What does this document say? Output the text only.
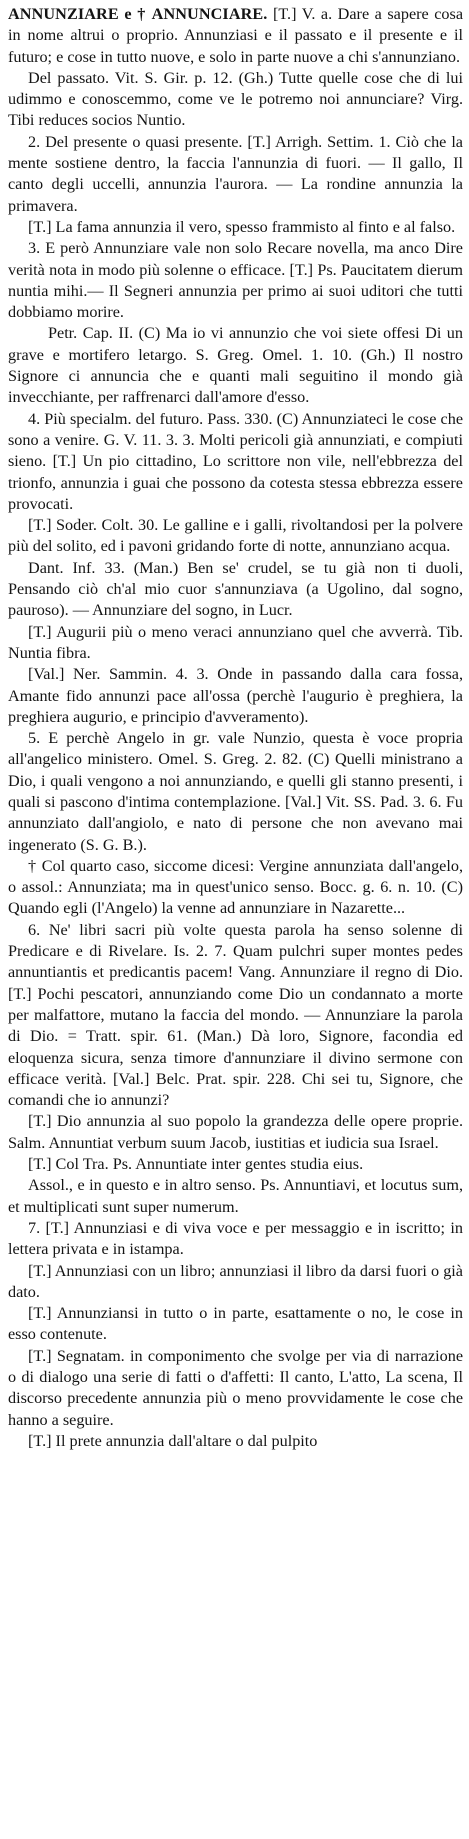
ANNUNZIARE e † ANNUNCIARE. [T.] V. a. Dare a sapere cosa in nome altrui o proprio. Annunziasi e il passato e il presente e il futuro; e cose in tutto nuove, e solo in parte nuove a chi s'annunziano.

Del passato. Vit. S. Gir. p. 12. (Gh.) Tutte quelle cose che di lui udimmo e conoscemmo, come ve le potremo noi annunciare? Virg. Tibi reduces socios Nuntio.

2. Del presente o quasi presente. [T.] Arrigh. Settim. 1. Ciò che la mente sostiene dentro, la faccia l'annunzia di fuori. — Il gallo, Il canto degli uccelli, annunzia l'aurora. — La rondine annunzia la primavera.

[T.] La fama annunzia il vero, spesso frammisto al finto e al falso.

3. E però Annunziare vale non solo Recare novella, ma anco Dire verità nota in modo più solenne o efficace. [T.] Ps. Paucitatem dierum nuntia mihi.— Il Segneri annunzia per primo ai suoi uditori che tutti dobbiamo morire.

Petr. Cap. II. (C) Ma io vi annunzio che voi siete offesi Di un grave e mortifero letargo. S. Greg. Omel. 1. 10. (Gh.) Il nostro Signore ci annuncia che e quanti mali seguitino il mondo già invecchiante, per raffrenarci dall'amore d'esso.

4. Più specialm. del futuro. Pass. 330. (C) Annunziateci le cose che sono a venire. G. V. 11. 3. 3. Molti pericoli già annunziati, e compiuti sieno. [T.] Un pio cittadino, Lo scrittore non vile, nell'ebbrezza del trionfo, annunzia i guai che possono da cotesta stessa ebbrezza essere provocati.

[T.] Soder. Colt. 30. Le galline e i galli, rivoltandosi per la polvere più del solito, ed i pavoni gridando forte di notte, annunziano acqua.

Dant. Inf. 33. (Man.) Ben se' crudel, se tu già non ti duoli, Pensando ciò ch'al mio cuor s'annunziava (a Ugolino, dal sogno, pauroso). — Annunziare del sogno, in Lucr.

[T.] Augurii più o meno veraci annunziano quel che avverrà. Tib. Nuntia fibra.

[Val.] Ner. Sammin. 4. 3. Onde in passando dalla cara fossa, Amante fido annunzi pace all'ossa (perchè l'augurio è preghiera, la preghiera augurio, e principio d'avveramento).

5. E perchè Angelo in gr. vale Nunzio, questa è voce propria all'angelico ministero. Omel. S. Greg. 2. 82. (C) Quelli ministrano a Dio, i quali vengono a noi annunziando, e quelli gli stanno presenti, i quali si pascono d'intima contemplazione. [Val.] Vit. SS. Pad. 3. 6. Fu annunziato dall'angiolo, e nato di persone che non avevano mai ingenerato (S. G. B.).

† Col quarto caso, siccome dicesi: Vergine annunziata dall'angelo, o assol.: Annunziata; ma in quest'unico senso. Bocc. g. 6. n. 10. (C) Quando egli (l'Angelo) la venne ad annunziare in Nazarette...

6. Ne' libri sacri più volte questa parola ha senso solenne di Predicare e di Rivelare. Is. 2. 7. Quam pulchri super montes pedes annuntiantis et predicantis pacem! Vang. Annunziare il regno di Dio. [T.] Pochi pescatori, annunziando come Dio un condannato a morte per malfattore, mutano la faccia del mondo. — Annunziare la parola di Dio. = Tratt. spir. 61. (Man.) Dà loro, Signore, facondia ed eloquenza sicura, senza timore d'annunziare il divino sermone con efficace verità. [Val.] Belc. Prat. spir. 228. Chi sei tu, Signore, che comandi che io annunzi?

[T.] Dio annunzia al suo popolo la grandezza delle opere proprie. Salm. Annuntiat verbum suum Jacob, iustitias et iudicia sua Israel.

[T.] Col Tra. Ps. Annuntiate inter gentes studia eius.

Assol., e in questo e in altro senso. Ps. Annuntiavi, et locutus sum, et multiplicati sunt super numerum.

7. [T.] Annunziasi e di viva voce e per messaggio e in iscritto; in lettera privata e in istampa.

[T.] Annunziasi con un libro; annunziasi il libro da darsi fuori o già dato.

[T.] Annunziansi in tutto o in parte, esattamente o no, le cose in esso contenute.

[T.] Segnatam. in componimento che svolge per via di narrazione o di dialogo una serie di fatti o d'affetti: Il canto, L'atto, La scena, Il discorso precedente annunzia più o meno provvidamente le cose che hanno a seguire.

[T.] Il prete annunzia dall'altare o dal pulpito
